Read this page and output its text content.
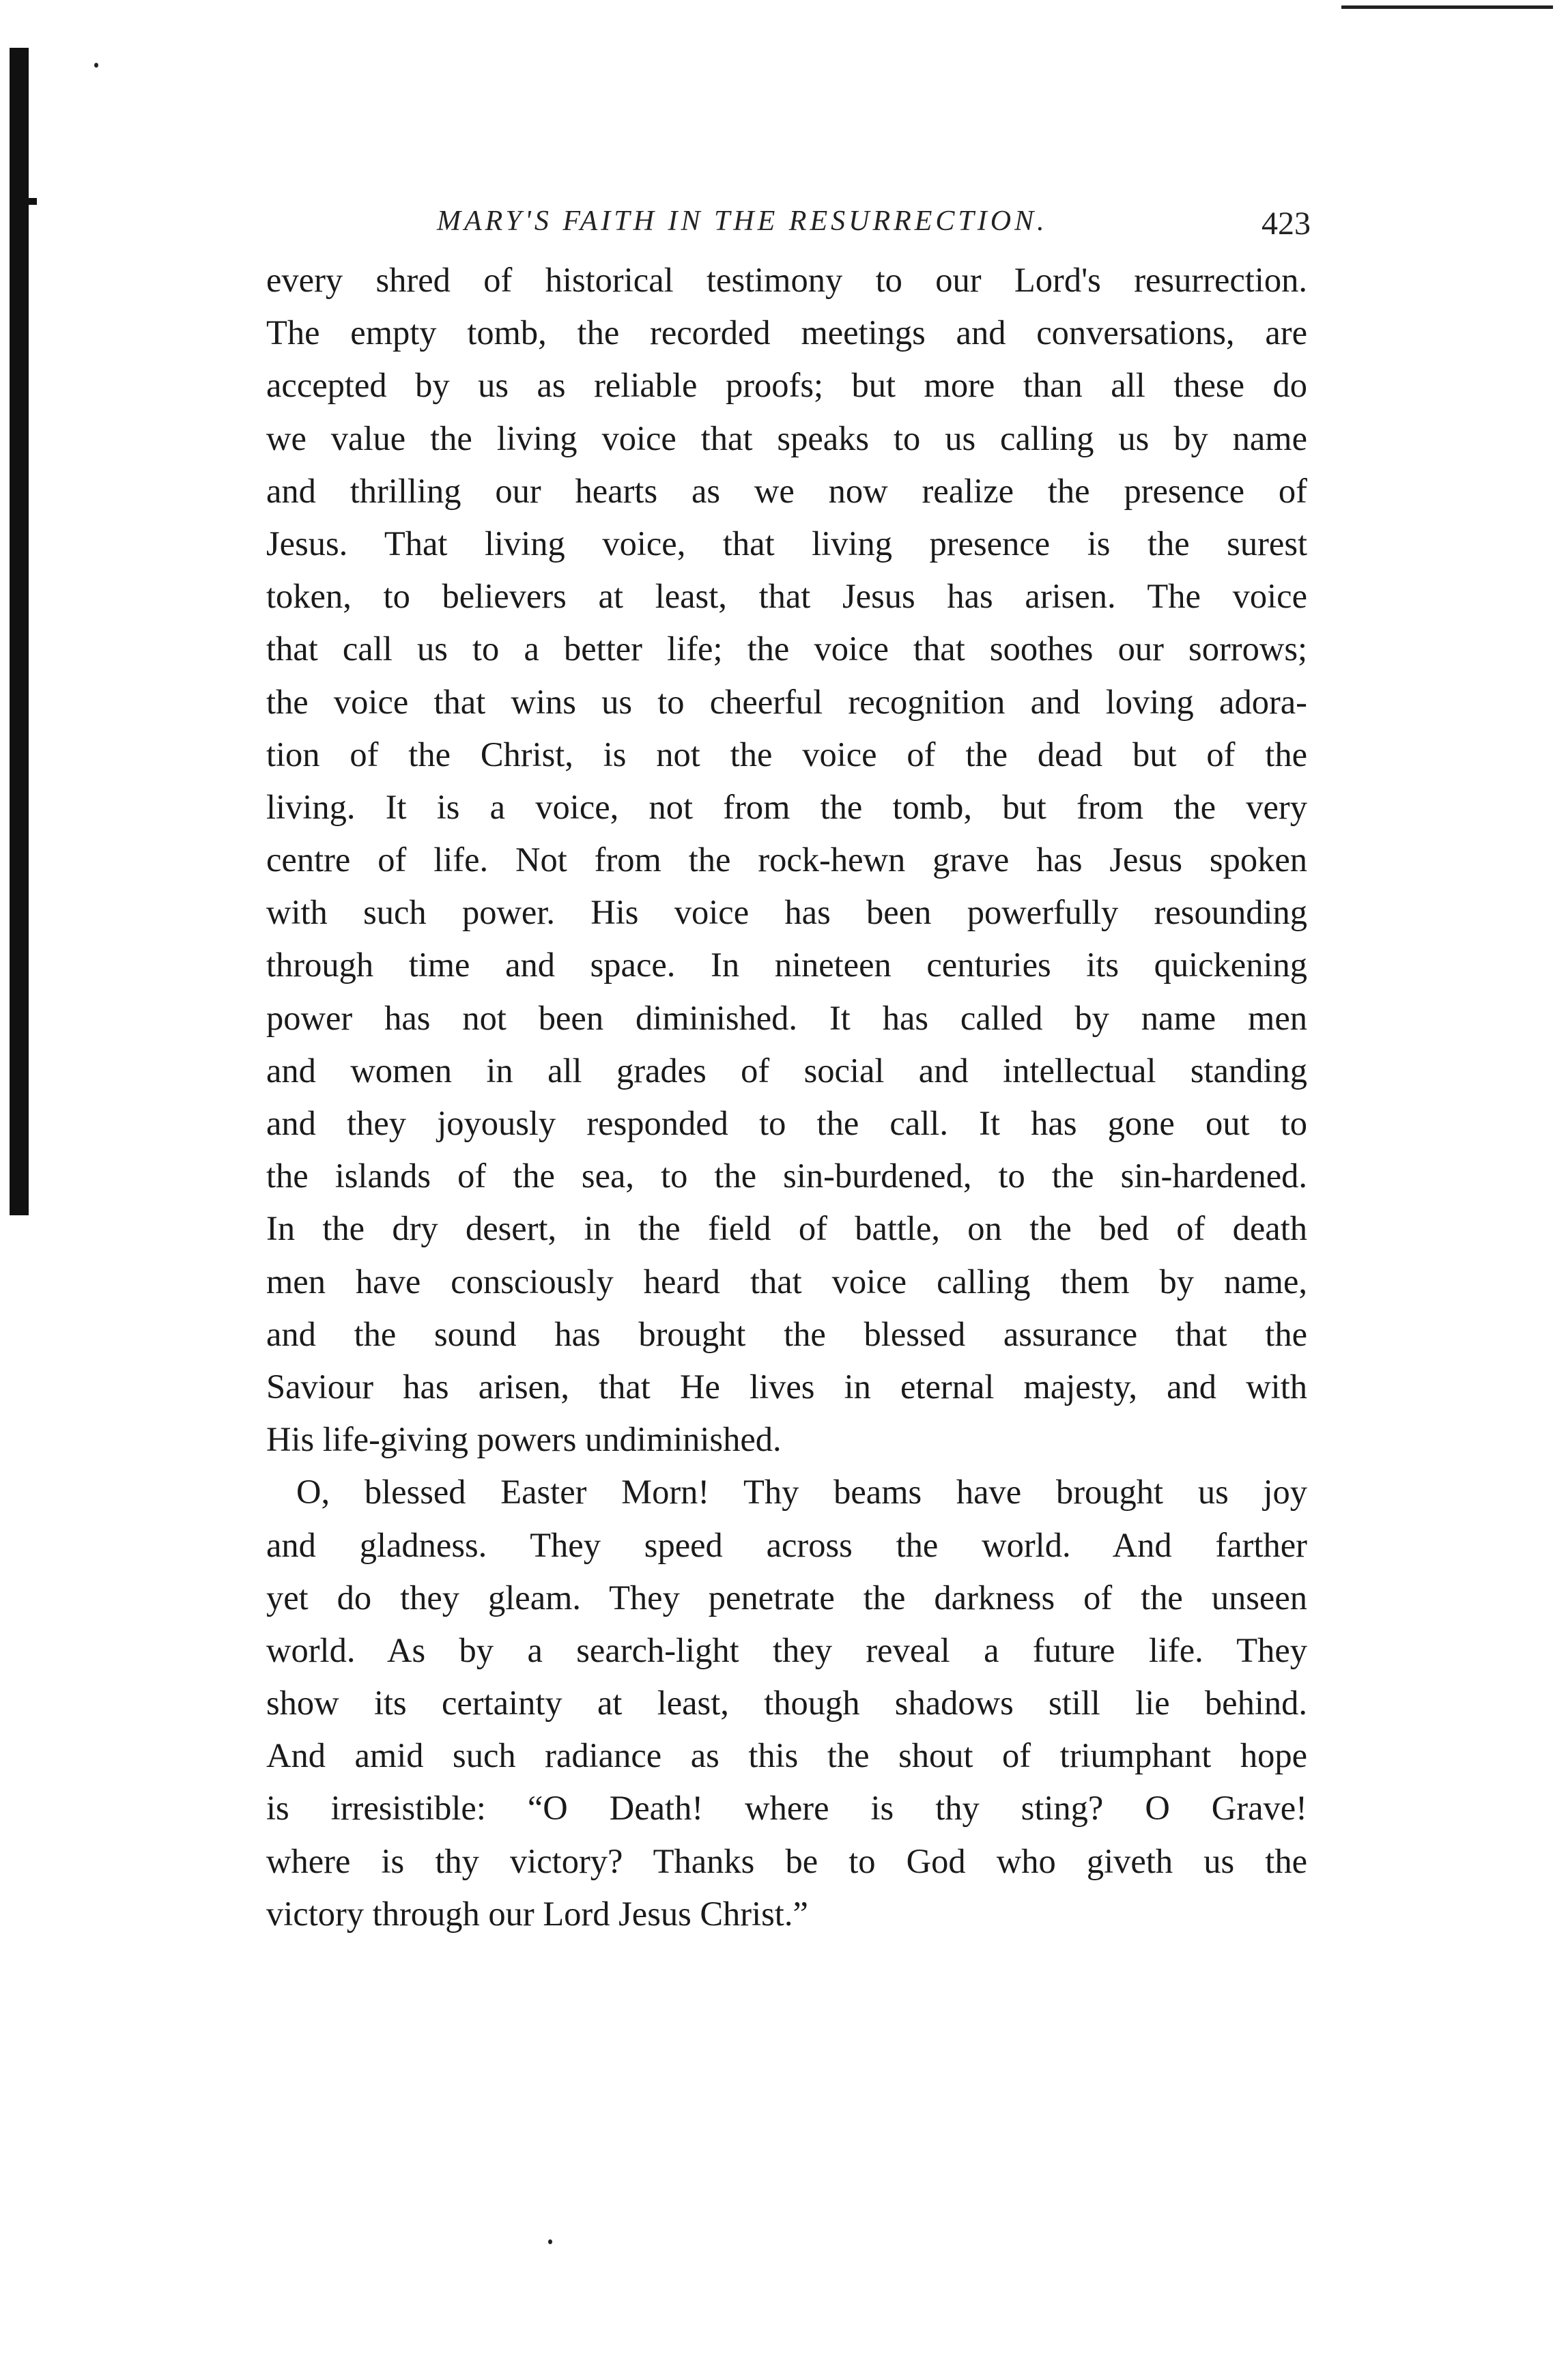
MARY'S FAITH IN THE RESURRECTION.	423
every shred of historical testimony to our Lord's resurrection.
The empty tomb, the recorded meetings and conversations, are
accepted by us as reliable proofs; but more than all these do
we value the living voice that speaks to us calling us by name
and thrilling our hearts as we now realize the presence of
Jesus. That living voice, that living presence is the surest
token, to believers at least, that Jesus has arisen. The voice
that call us to a better life; the voice that soothes our sorrows;
the voice that wins us to cheerful recognition and loving adora-
tion of the Christ, is not the voice of the dead but of the
living. It is a voice, not from the tomb, but from the very
centre of life. Not from the rock-hewn grave has Jesus spoken
with such power. His voice has been powerfully resounding
through time and space. In nineteen centuries its quickening
power has not been diminished. It has called by name men
and women in all grades of social and intellectual standing
and they joyously responded to the call. It has gone out to
the islands of the sea, to the sin-burdened, to the sin-hardened.
In the dry desert, in the field of battle, on the bed of death
men have consciously heard that voice calling them by name,
and the sound has brought the blessed assurance that the
Saviour has arisen, that He lives in eternal majesty, and with
His life-giving powers undiminished.
O, blessed Easter Morn! Thy beams have brought us joy
and gladness. They speed across the world. And farther
yet do they gleam. They penetrate the darkness of the unseen
world. As by a search-light they reveal a future life. They
show its certainty at least, though shadows still lie behind.
And amid such radiance as this the shout of triumphant hope
is irresistible: “O Death! where is thy sting? O Grave!
where is thy victory? Thanks be to God who giveth us the
victory through our Lord Jesus Christ.”
